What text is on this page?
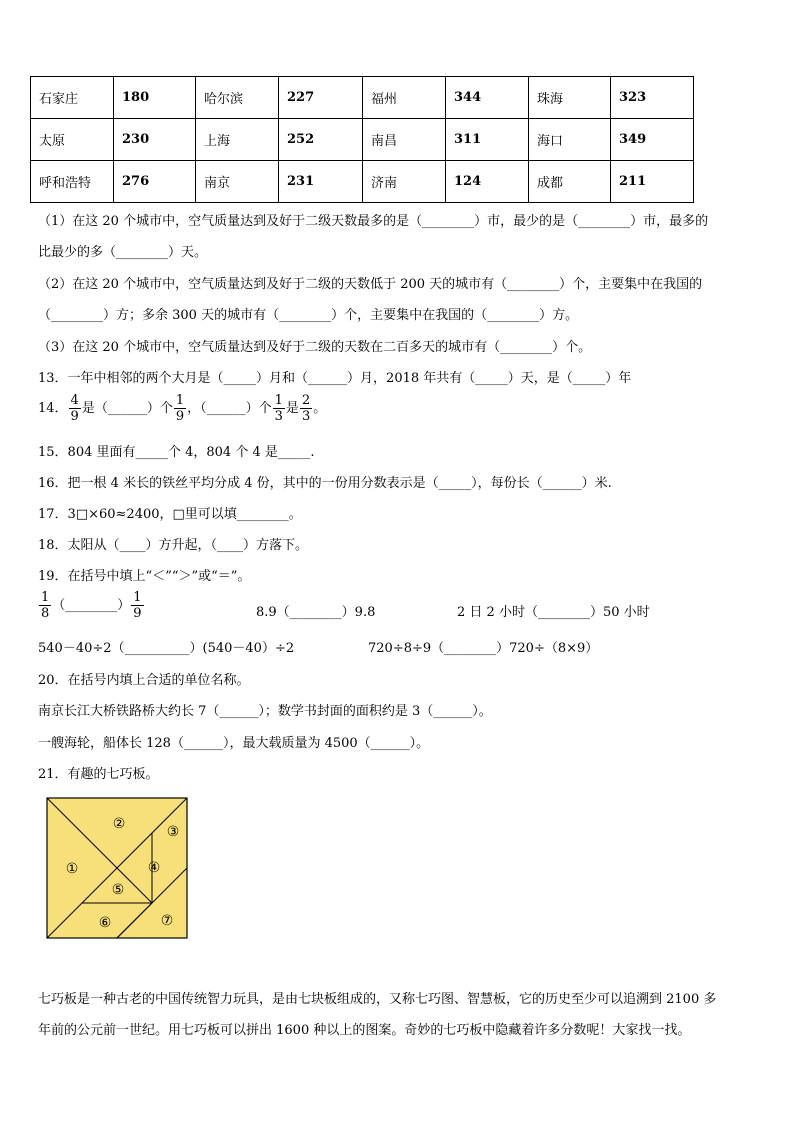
石家庄	180	哈尔滨	227	福州	344	珠海	323
太原	230	上海	252	南昌	311	海口	349
呼和浩特	276	南京	231	济南	124	成都	211
（1）在这 20 个城市中，空气质量达到及好于二级天数最多的是（________）市，最少的是（________）市，最多的
比最少的多（________）天。
（2）在这 20 个城市中，空气质量达到及好于二级的天数低于 200 天的城市有（________）个，主要集中在我国的
（________）方；多余 300 天的城市有（________）个，主要集中在我国的（________）方。
（3）在这 20 个城市中，空气质量达到及好于二级的天数在二百多天的城市有（________）个。
13．一年中相邻的两个大月是（_____）月和（______）月，2018 年共有（_____）天，是（_____）年
14． $\frac{4}{9}$ 是（______）个 $\frac{1}{9}$ ，（______）个 $\frac{1}{3}$ 是 $\frac{2}{3}$ 。
15．804 里面有_____个 4，804 个 4 是_____.
16．把一根 4 米长的铁丝平均分成 4 份，其中的一份用分数表示是（_____），每份长（______）米.
17．3□×60≈2400，□里可以填________。
18．太阳从（____）方升起，（____）方落下。
19．在括号中填上“＜”“＞”或“＝”。
$\frac{1}{8}$ （________） $\frac{1}{9}$	8.9（________）9.8	2 日 2 小时（________）50 小时
540－40÷2（__________）(540－40）÷2	720÷8÷9（________）720÷（8×9）
20．在括号内填上合适的单位名称。
南京长江大桥铁路桥大约长 7（______）；数学书封面的面积约是 3（______）。
一艘海轮，船体长 128（______），最大载质量为 4500（______）。
21．有趣的七巧板。
①
②	③
④
⑤
⑥	⑦
七巧板是一种古老的中国传统智力玩具，是由七块板组成的，又称七巧图、智慧板，它的历史至少可以追溯到 2100 多
年前的公元前一世纪。用七巧板可以拼出 1600 种以上的图案。奇妙的七巧板中隐藏着许多分数呢！大家找一找。
